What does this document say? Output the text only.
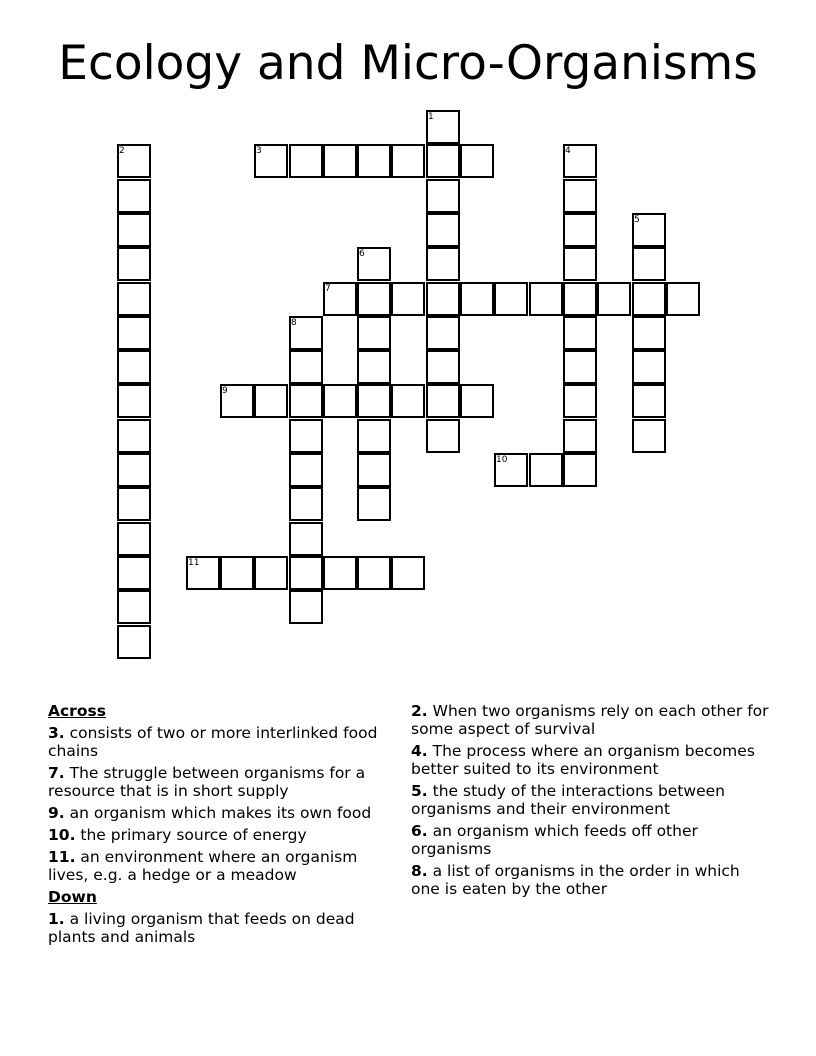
Ecology and Micro-Organisms
1
2	3	4
5
6
7
8
9
10
11
Across
3. consists of two or more interlinked food chains
7. The struggle between organisms for a resource that is in short supply
9. an organism which makes its own food
10. the primary source of energy
11. an environment where an organism lives, e.g. a hedge or a meadow
Down
1. a living organism that feeds on dead plants and animals
2. When two organisms rely on each other for some aspect of survival
4. The process where an organism becomes better suited to its environment
5. the study of the interactions between organisms and their environment
6. an organism which feeds off other organisms
8. a list of organisms in the order in which one is eaten by the other
